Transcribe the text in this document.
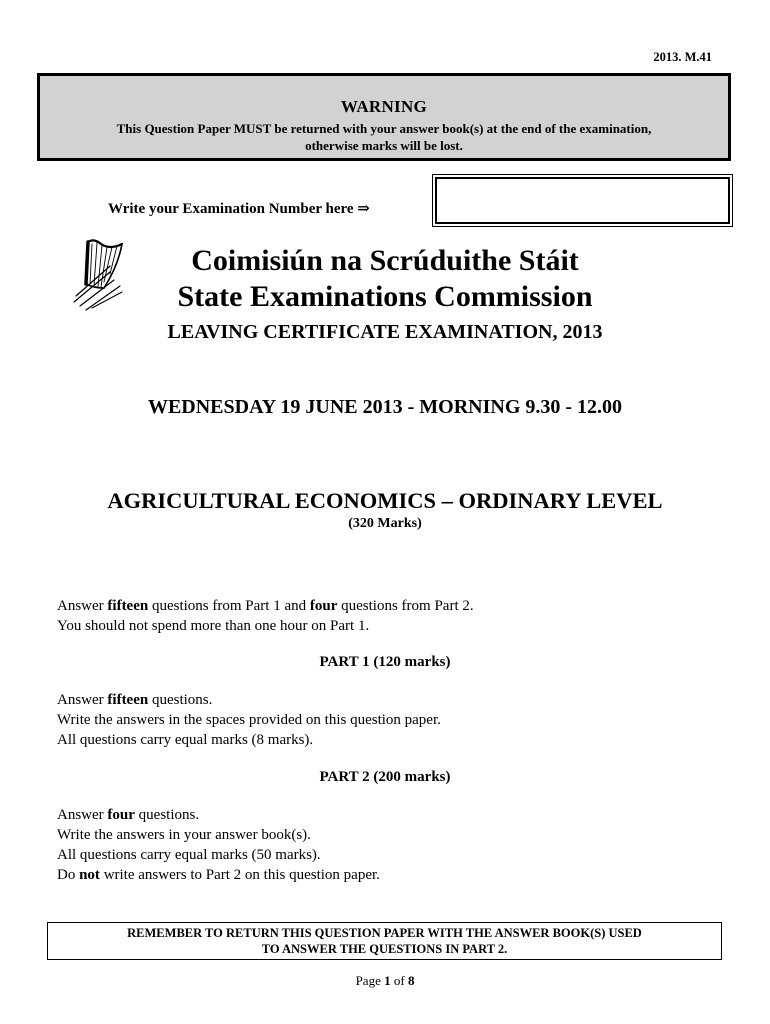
2013. M.41
WARNING
This Question Paper MUST be returned with your answer book(s) at the end of the examination,
otherwise marks will be lost.
Write your Examination Number here ⇒
Coimisiún na Scrúduithe Stáit
State Examinations Commission
LEAVING CERTIFICATE EXAMINATION, 2013
WEDNESDAY 19 JUNE 2013 - MORNING 9.30 - 12.00
AGRICULTURAL ECONOMICS – ORDINARY LEVEL
(320 Marks)
Answer fifteen questions from Part 1 and four questions from Part 2.
You should not spend more than one hour on Part 1.
PART 1 (120 marks)
Answer fifteen questions.
Write the answers in the spaces provided on this question paper.
All questions carry equal marks (8 marks).
PART 2 (200 marks)
Answer four questions.
Write the answers in your answer book(s).
All questions carry equal marks (50 marks).
Do not write answers to Part 2 on this question paper.
REMEMBER TO RETURN THIS QUESTION PAPER WITH THE ANSWER BOOK(S) USED
TO ANSWER THE QUESTIONS IN PART 2.
Page 1 of 8
